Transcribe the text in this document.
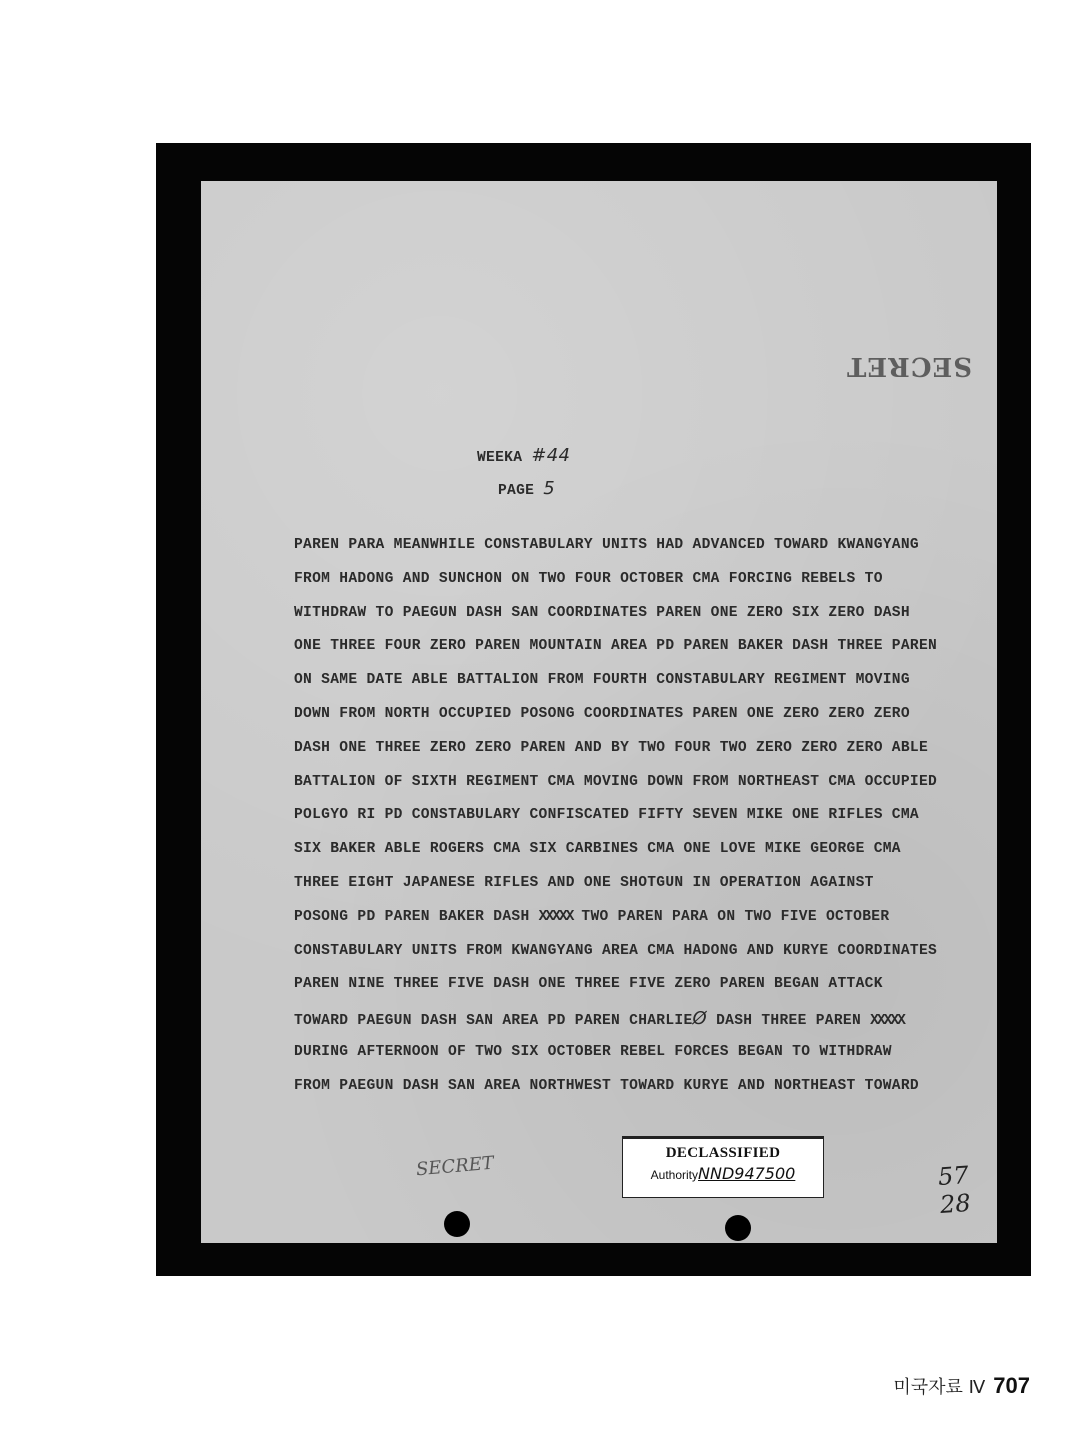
SECRET
WEEKA #44
PAGE 5
PAREN PARA MEANWHILE CONSTABULARY UNITS HAD ADVANCED TOWARD KWANGYANG
FROM HADONG AND SUNCHON ON TWO FOUR OCTOBER CMA FORCING REBELS TO
WITHDRAW TO PAEGUN DASH SAN COORDINATES PAREN ONE ZERO SIX ZERO DASH
ONE THREE FOUR ZERO PAREN MOUNTAIN AREA PD PAREN BAKER DASH THREE PAREN
ON SAME DATE ABLE BATTALION FROM FOURTH CONSTABULARY REGIMENT MOVING
DOWN FROM NORTH OCCUPIED POSONG COORDINATES PAREN ONE ZERO ZERO ZERO
DASH ONE THREE ZERO ZERO PAREN AND BY TWO FOUR TWO ZERO ZERO ZERO ABLE
BATTALION OF SIXTH REGIMENT CMA MOVING DOWN FROM NORTHEAST CMA OCCUPIED
POLGYO RI PD CONSTABULARY CONFISCATED FIFTY SEVEN MIKE ONE RIFLES CMA
SIX BAKER ABLE ROGERS CMA SIX CARBINES CMA ONE LOVE MIKE GEORGE CMA
THREE EIGHT JAPANESE RIFLES AND ONE SHOTGUN IN OPERATION AGAINST
POSONG PD PAREN BAKER DASH XXXXX TWO PAREN PARA ON TWO FIVE OCTOBER
CONSTABULARY UNITS FROM KWANGYANG AREA CMA HADONG AND KURYE COORDINATES
PAREN NINE THREE FIVE DASH ONE THREE FIVE ZERO PAREN BEGAN ATTACK
TOWARD PAEGUN DASH SAN AREA PD PAREN CHARLIEØ DASH THREE PAREN XXXXX
DURING AFTERNOON OF TWO SIX OCTOBER REBEL FORCES BEGAN TO WITHDRAW
FROM PAEGUN DASH SAN AREA NORTHWEST TOWARD KURYE AND NORTHEAST TOWARD
SECRET	DECLASSIFIED
AuthorityNND947500	57 28
미국자료 Ⅳ 707
